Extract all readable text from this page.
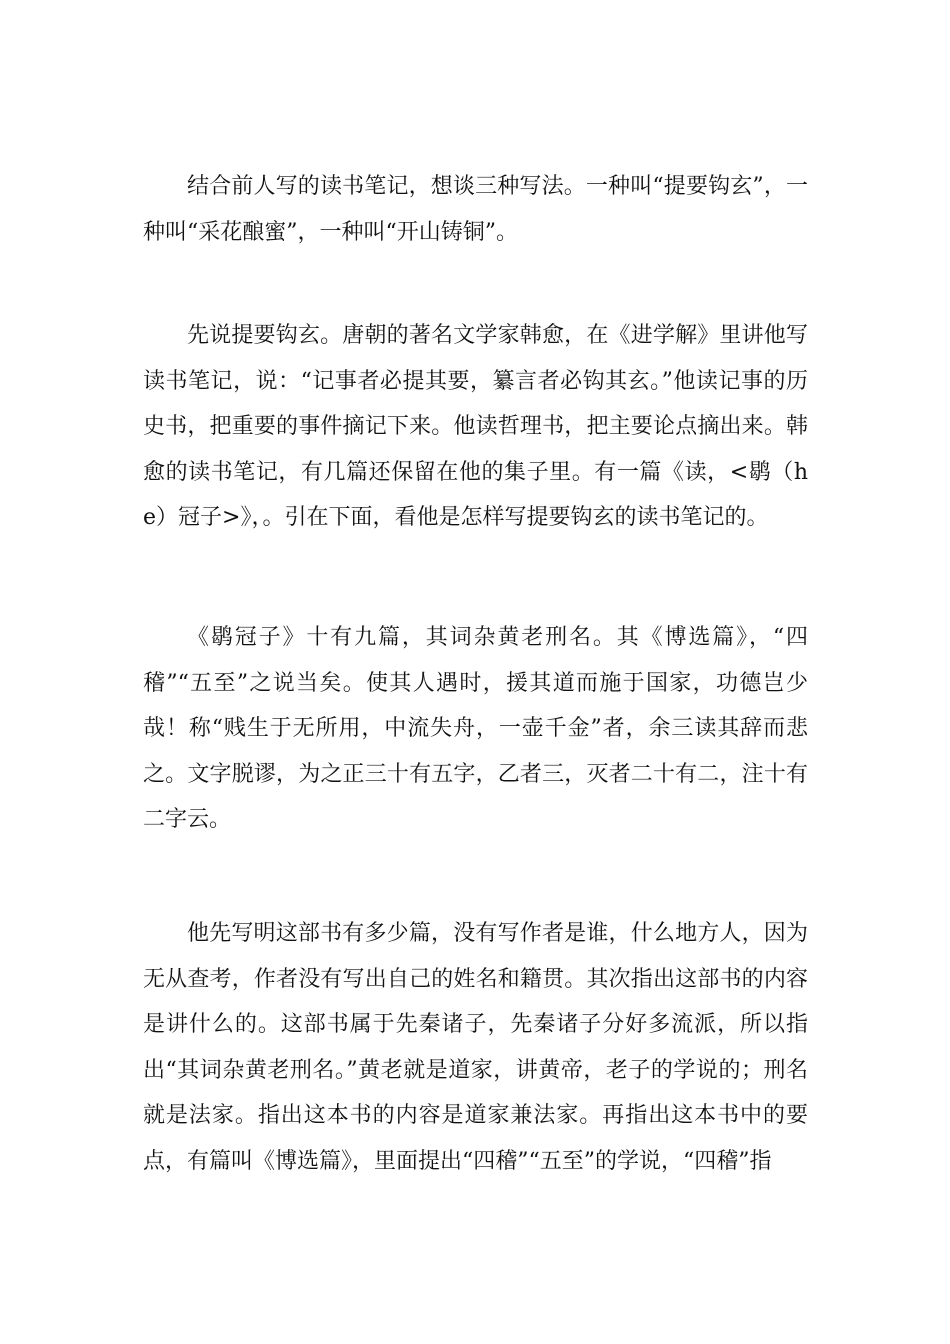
结合前人写的读书笔记，想谈三种写法。一种叫“提要钩玄”，一种叫“采花酿蜜”，一种叫“开山铸铜”。

先说提要钩玄。唐朝的著名文学家韩愈，在《进学解》里讲他写读书笔记，说：“记事者必提其要，纂言者必钩其玄。”他读记事的历史书，把重要的事件摘记下来。他读哲理书，把主要论点摘出来。韩愈的读书笔记，有几篇还保留在他的集子里。有一篇《读，<鹖（he）冠子>》，。引在下面，看他是怎样写提要钩玄的读书笔记的。

《鹖冠子》十有九篇，其词杂黄老刑名。其《博选篇》，“四稽”“五至”之说当矣。使其人遇时，援其道而施于国家，功德岂少哉！称“贱生于无所用，中流失舟，一壶千金”者，余三读其辞而悲之。文字脱谬，为之正三十有五字，乙者三，灭者二十有二，注十有二字云。

他先写明这部书有多少篇，没有写作者是谁，什么地方人，因为无从查考，作者没有写出自己的姓名和籍贯。其次指出这部书的内容是讲什么的。这部书属于先秦诸子，先秦诸子分好多流派，所以指出“其词杂黄老刑名。”黄老就是道家，讲黄帝，老子的学说的；刑名就是法家。指出这本书的内容是道家兼法家。再指出这本书中的要点，有篇叫《博选篇》，里面提出“四稽”“五至”的学说，“四稽”指
